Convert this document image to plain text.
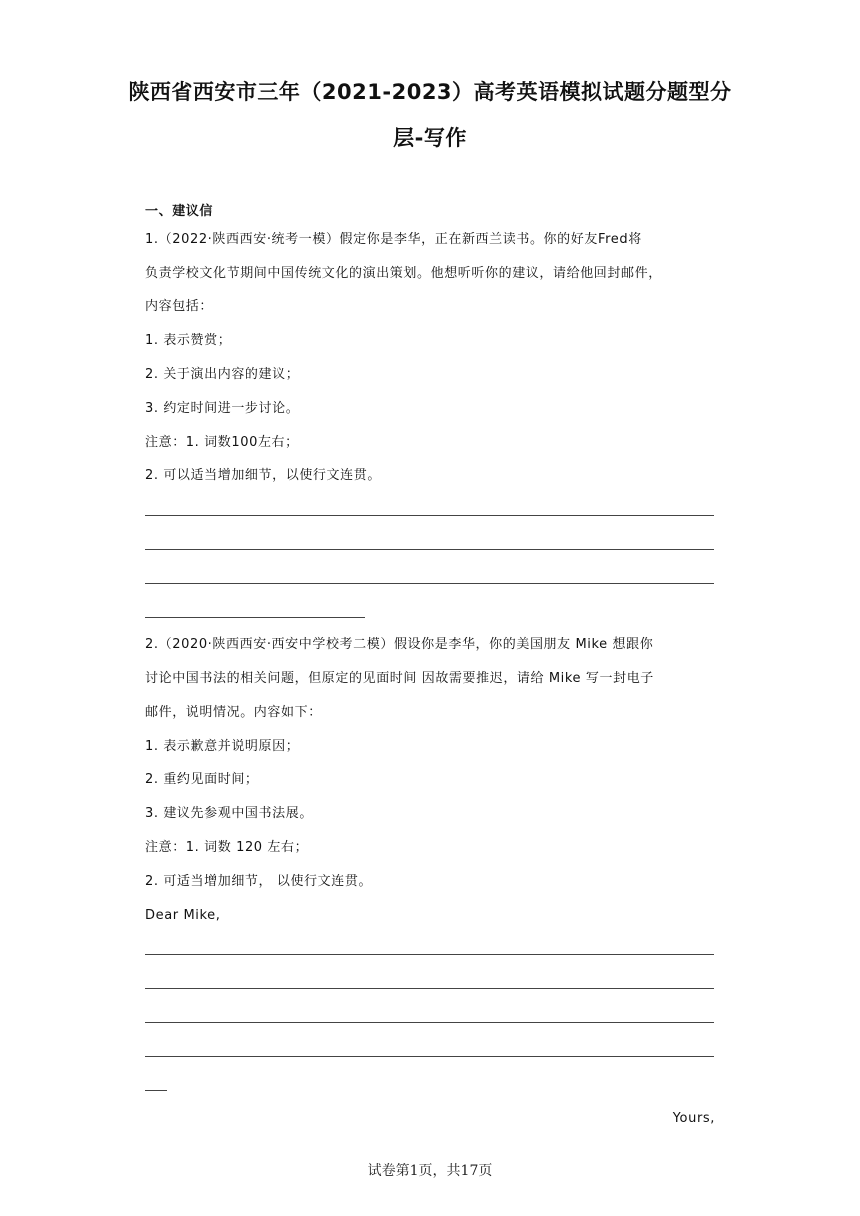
陕西省西安市三年（2021-2023）高考英语模拟试题分题型分
层-写作
一、建议信
1.（2022·陕西西安·统考一模）假定你是李华，正在新西兰读书。你的好友Fred将
负责学校文化节期间中国传统文化的演出策划。他想听听你的建议，请给他回封邮件，
内容包括：
1. 表示赞赏；
2. 关于演出内容的建议；
3. 约定时间进一步讨论。
注意：1. 词数100左右；
2. 可以适当增加细节，以使行文连贯。
2.（2020·陕西西安·西安中学校考二模）假设你是李华，你的美国朋友 Mike 想跟你
讨论中国书法的相关问题，但原定的见面时间 因故需要推迟，请给 Mike 写一封电子
邮件，说明情况。内容如下：
1. 表示歉意并说明原因；
2. 重约见面时间；
3. 建议先参观中国书法展。
注意：1. 词数 120 左右；
2. 可适当增加细节， 以使行文连贯。
Dear Mike,
Yours,
试卷第1页，共17页
